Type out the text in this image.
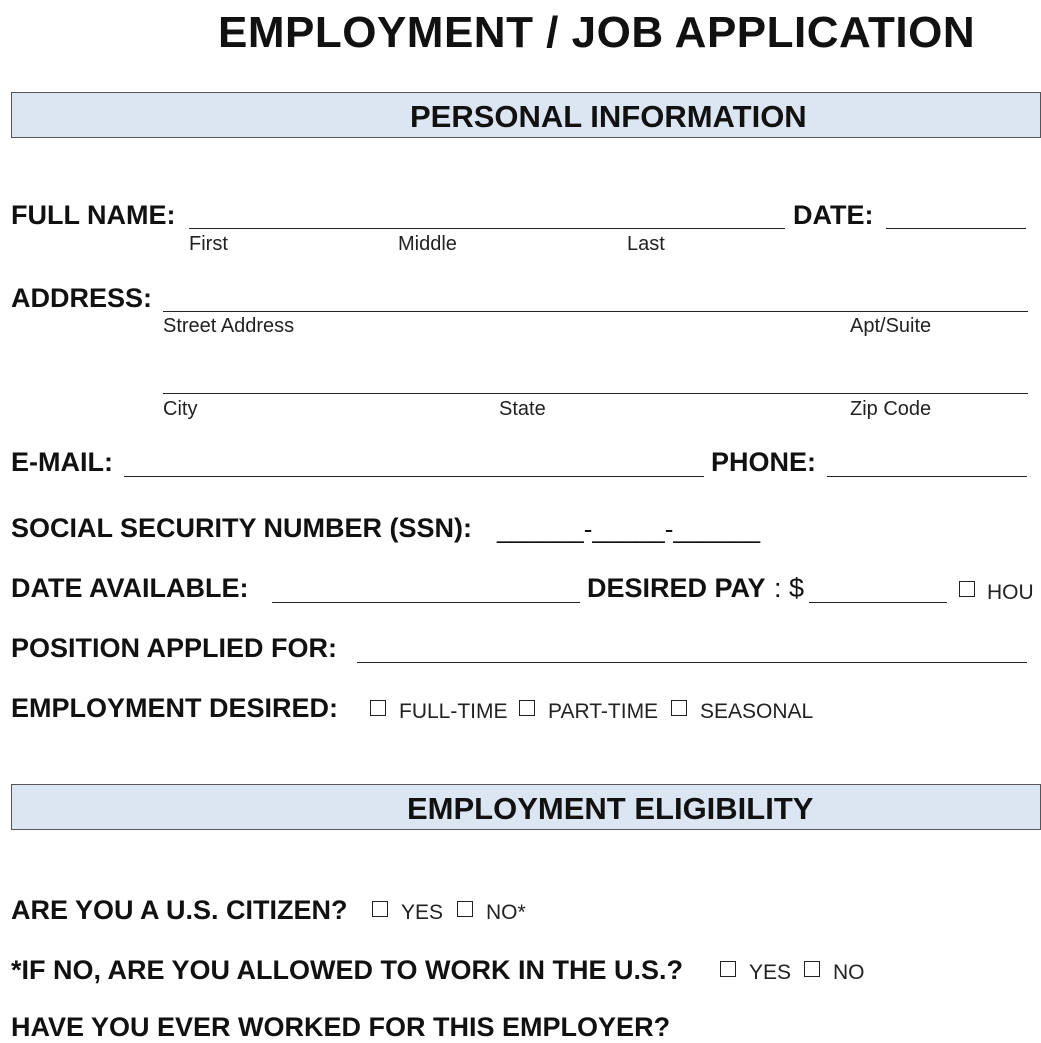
EMPLOYMENT / JOB APPLICATION
PERSONAL INFORMATION
FULL NAME:
First	Middle	Last
DATE:
ADDRESS:
Street Address	Apt/Suite
City	State	Zip Code
E-MAIL:	PHONE:
SOCIAL SECURITY NUMBER (SSN): ______-_____-______
DATE AVAILABLE:	DESIRED PAY : $	HOU
POSITION APPLIED FOR:
EMPLOYMENT DESIRED:	FULL-TIME PART-TIME SEASONAL
EMPLOYMENT ELIGIBILITY
ARE YOU A U.S. CITIZEN?	YES NO*
*IF NO, ARE YOU ALLOWED TO WORK IN THE U.S.?	YES NO
HAVE YOU EVER WORKED FOR THIS EMPLOYER?
